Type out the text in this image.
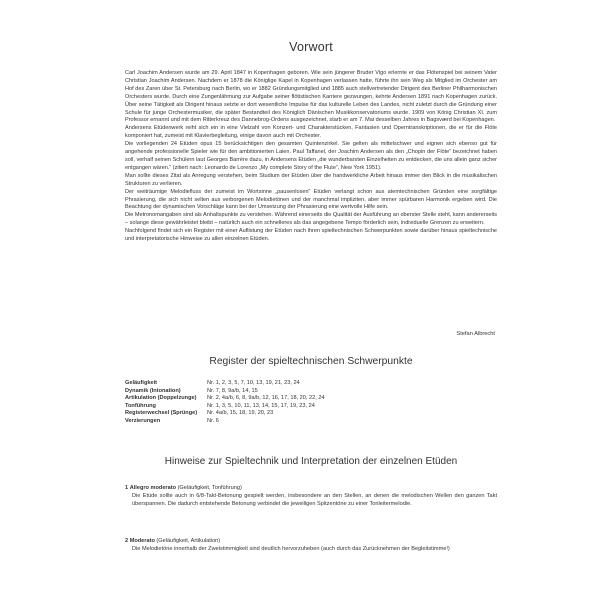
Vorwort

Carl Joachim Andersen wurde am 29. April 1847 in Kopenhagen geboren. Wie sein jüngerer Bruder Vigo erlernte er das Flötenspiel bei seinem Vater Christian Joachim Andersen. Nachdem er 1878 die Königlige Kapel in Kopenhagen verlassen hatte, führte ihn sein Weg als Mitglied im Orchester am Hof des Zaren über St. Petersburg nach Berlin, wo er 1882 Gründungsmitglied und 1885 auch stellvertretender Dirigent des Berliner Philharmonischen Orchesters wurde. Durch eine Zungenlähmung zur Aufgabe seiner flötistischen Karriere gezwungen, kehrte Andersen 1891 nach Kopenhagen zurück. Über seine Tätigkeit als Dirigent hinaus setzte er dort wesentliche Impulse für das kulturelle Leben des Landes, nicht zuletzt durch die Gründung einer Schule für junge Orchestermusiker, die später Bestandteil des Königlich Dänischen Musikkonservatoriums wurde. 1909 von König Christian XI. zum Professor ernannt und mit dem Ritterkreuz des Dannebrog-Ordens ausgezeichnet, starb er am 7. Mai desselben Jahres in Bagsværd bei Kopenhagen.

Andersens Etüdenwerk reiht sich ein in eine Vielzahl von Konzert- und Charakterstücken, Fantasien und Operntranskriptionen, die er für die Flöte komponiert hat, zumeist mit Klavierbegleitung, einige davon auch mit Orchester.

Die vorliegenden 24 Etüden opus 15 berücksichtigen den gesamten Quintenzirkel. Sie gelten als mittelschwer und eignen sich ebenso gut für angehende professionelle Spieler wie für den ambitionierten Laien. Paul Taffanel, der Joachim Andersen als den „Chopin der Flöte“ bezeichnet haben soll, verhalf seinen Schülern laut Georges Barrère dazu, in Andersens Etüden „die wunderbarsten Einzelheiten zu entdecken, die uns allein ganz sicher entgangen wären.“ (zitiert nach: Leonardo de Lorenzo „My complete Story of the Flute“, New York 1951).

Man sollte dieses Zitat als Anregung verstehen, beim Studium der Etüden über die handwerkliche Arbeit hinaus immer den Blick in die musikalischen Strukturen zu verlieren.

Der weiträumige Melodiefluss der zumeist im Wortsinne „pausenlosen“ Etüden verlangt schon aus atemtechnischen Gründen eine sorgfältige Phrasierung, die sich nicht selten aus verborgenen Melodietönen und der manchmal impliziten, aber immer spürbaren Harmonik ergeben wird. Die Beachtung der dynamischen Vorschläge kann bei der Umsetzung der Phrasierung eine wertvolle Hilfe sein.

Die Metronomangaben sind als Anhaltspunkte zu verstehen. Während einerseits die Qualität der Ausführung an oberster Stelle steht, kann andererseits – solange diese gewährleistet bleibt – natürlich auch ein schnelleres als das angegebene Tempo förderlich sein, individuelle Grenzen zu erweitern.

Nachfolgend findet sich ein Register mit einer Auflistung der Etüden nach ihren spieltechnischen Schwerpunkten sowie darüber hinaus spieltechnische und interpretatorische Hinweise zu allen einzelnen Etüden.

Stefan Albrecht
Register der spieltechnischen Schwerpunkte
Geläufigkeit	Nr. 1, 2, 3, 5, 7, 10, 13, 19, 21, 23, 24
Dynamik (Intonation)	Nr. 7, 8, 9a/b, 14, 15
Artikulation (Doppelzunge)	Nr. 2, 4a/b, 6, 8, 9a/b, 12, 16, 17, 18, 20, 22, 24
Tonführung	Nr. 1, 3, 5, 10, 11, 13, 14, 15, 17, 19, 23, 24
Registerwechsel (Sprünge)	Nr. 4a/b, 15, 18, 19, 20, 23
Verzierungen	Nr. 6
Hinweise zur Spieltechnik und Interpretation der einzelnen Etüden
1 Allegro moderato (Geläufigkeit, Tonführung)
Die Etüde sollte auch in 6/8-Takt-Betonung gespielt werden, insbesondere an den Stellen, an denen die melodischen Wellen den ganzen Takt überspannen. Die dadurch entstehende Betonung verbindet die jeweiligen Spitzentöne zu einer Tonleitermelodie.
2 Moderato (Geläufigkeit, Artikulation)
Die Melodietöne innerhalb der Zweistimmigkeit sind deutlich hervorzuheben (auch durch das Zurücknehmen der Begleitstimme!)
